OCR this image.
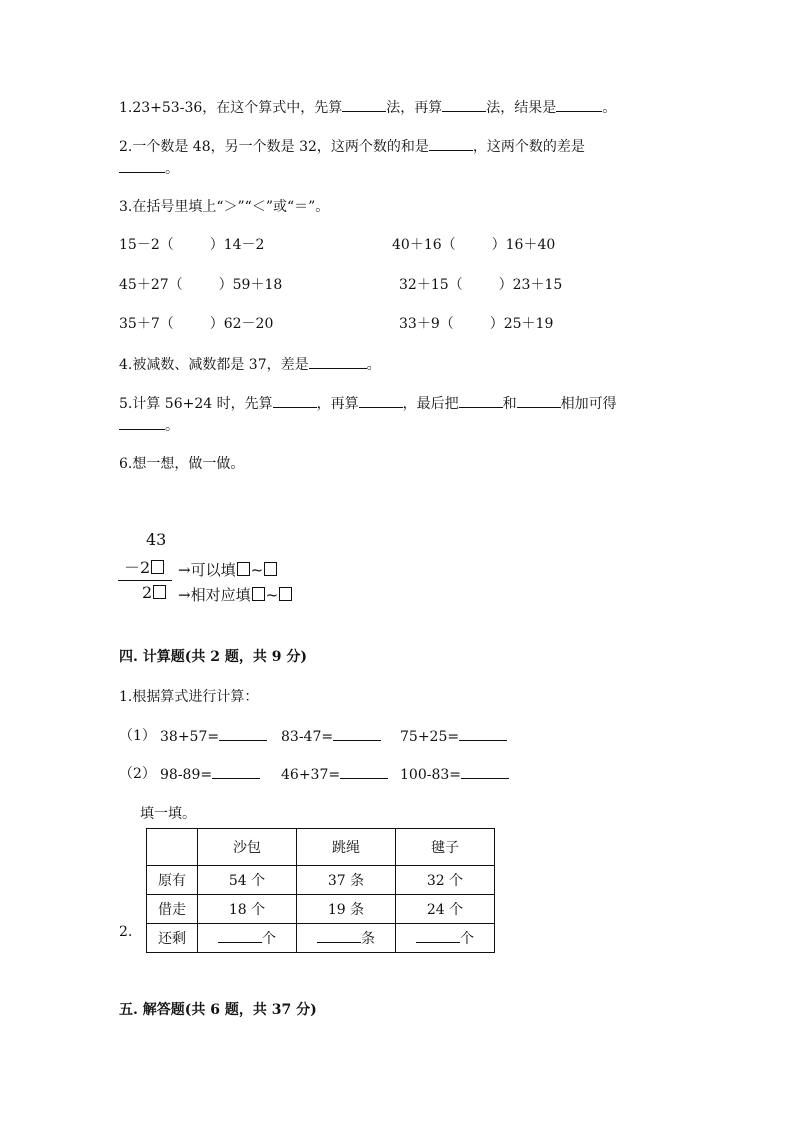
1.23+53-36，在这个算式中，先算	法，再算	法，结果是	。
2.一个数是 48，另一个数是 32，这两个数的和是	，这两个数的差是
。
3.在括号里填上“＞”“＜”或“＝”。
15－2（	）14－2	40＋16（	）16＋40
45＋27（	）59＋18	32＋15（	）23＋15
35＋7（	）62－20	33＋9（	）25＋19
4.被减数、减数都是 37，差是	。
5.计算 56+24 时，先算	，再算	，最后把	和	相加可得
。
6.想一想，做一做。
43
－2
2
→可以填 ~
→相对应填 ~
四. 计算题(共 2 题，共 9 分)
1.根据算式进行计算：
（1） 38+57=	83-47=	75+25=
（2） 98-89=	46+37=	100-83=
填一填。
2.
	沙包	跳绳	毽子
原有	54 个	37 条	32 个
借走	18 个	19 条	24 个
还剩	个	条	个
五. 解答题(共 6 题，共 37 分)
